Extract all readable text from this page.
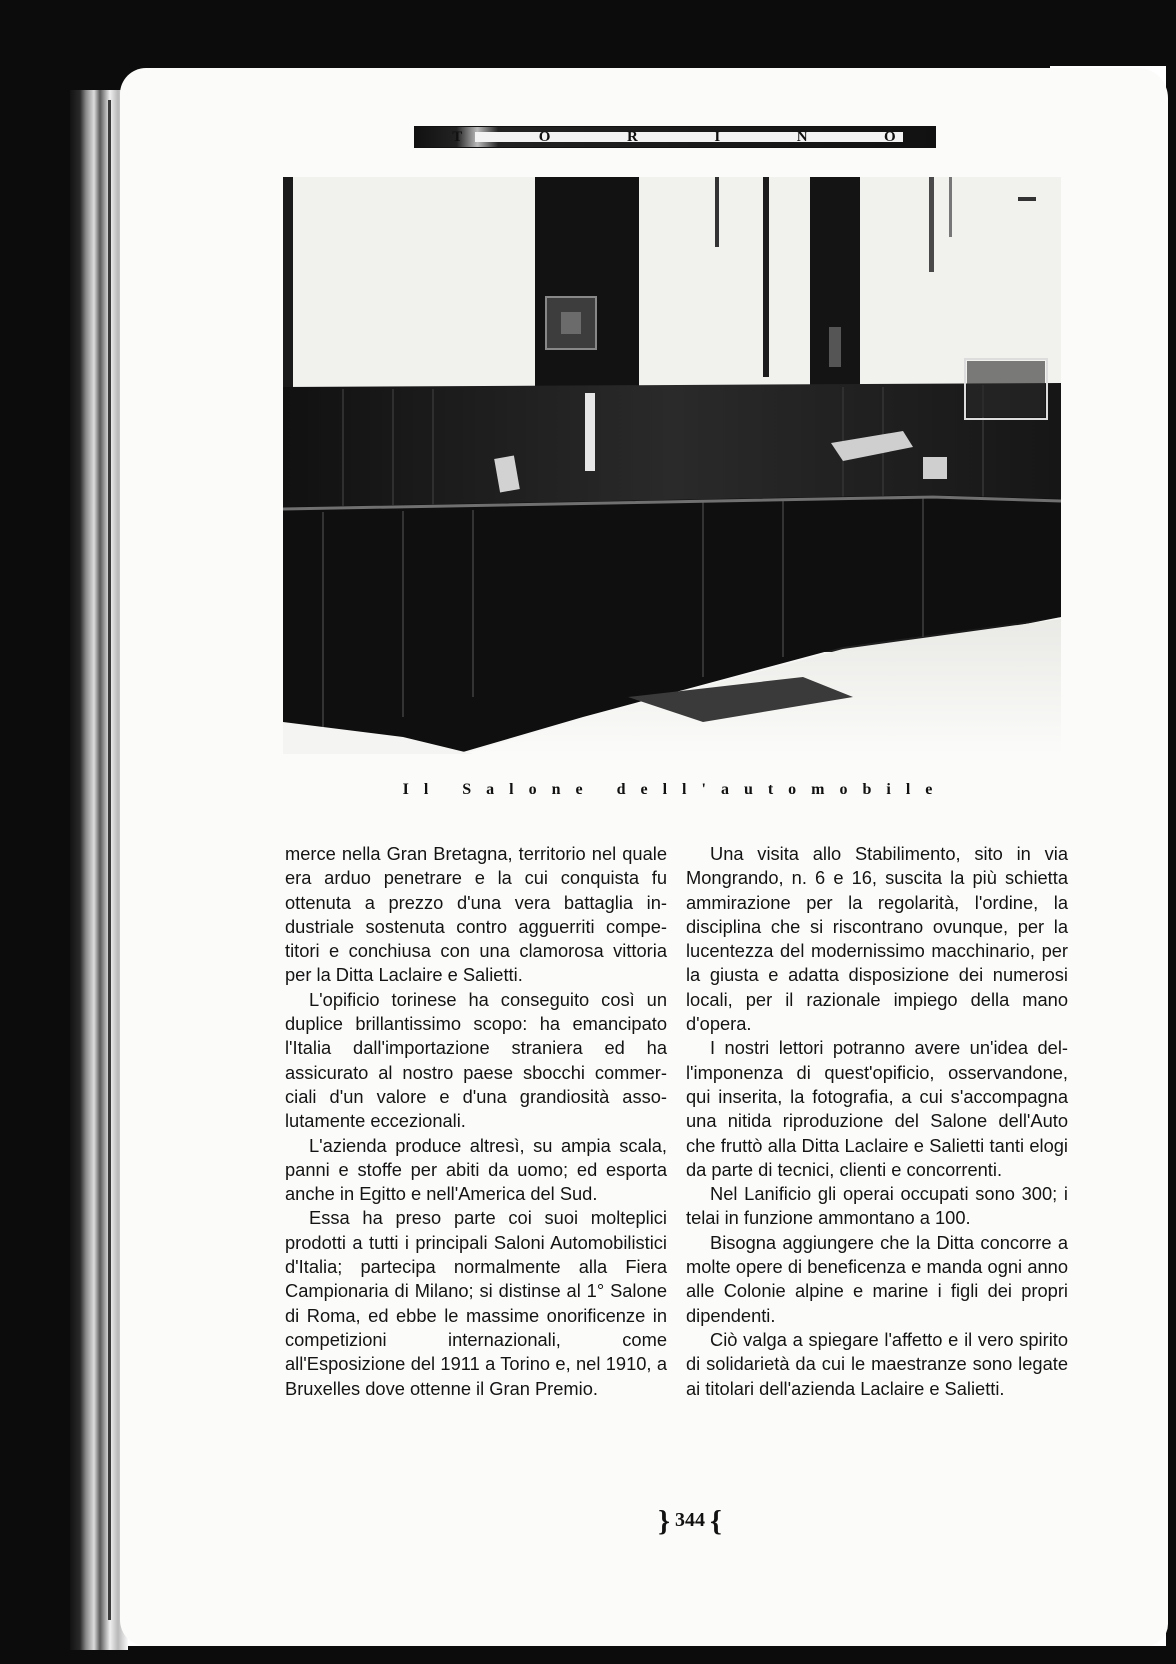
T	O	R	I	N	O
Il Salone dell'automobile

merce nella Gran Bretagna, territorio nel quale era arduo penetrare e la cui conquista fu ottenuta a prezzo d'una vera battaglia industriale sostenuta contro agguerriti competitori e conchiusa con una clamorosa vittoria per la Ditta Laclaire e Salietti.

L'opificio torinese ha conseguito così un duplice brillantissimo scopo: ha emancipato l'Italia dall'importazione straniera ed ha assicurato al nostro paese sbocchi commerciali d'un valore e d'una grandiosità assolutamente eccezionali.

L'azienda produce altresì, su ampia scala, panni e stoffe per abiti da uomo; ed esporta anche in Egitto e nell'America del Sud.

Essa ha preso parte coi suoi molteplici prodotti a tutti i principali Saloni Automobilistici d'Italia; partecipa normalmente alla Fiera Campionaria di Milano; si distinse al 1° Salone di Roma, ed ebbe le massime onorificenze in competizioni internazionali, come all'Esposizione del 1911 a Torino e, nel 1910, a Bruxelles dove ottenne il Gran Premio.

Una visita allo Stabilimento, sito in via Mongrando, n. 6 e 16, suscita la più schietta ammirazione per la regolarità, l'ordine, la disciplina che si riscontrano ovunque, per la lucentezza del modernissimo macchinario, per la giusta e adatta disposizione dei numerosi locali, per il razionale impiego della mano d'opera.

I nostri lettori potranno avere un'idea dell'imponenza di quest'opificio, osservandone, qui inserita, la fotografia, a cui s'accompagna una nitida riproduzione del Salone dell'Auto che fruttò alla Ditta Laclaire e Salietti tanti elogi da parte di tecnici, clienti e concorrenti.

Nel Lanificio gli operai occupati sono 300; i telai in funzione ammontano a 100.

Bisogna aggiungere che la Ditta concorre a molte opere di beneficenza e manda ogni anno alle Colonie alpine e marine i figli dei propri dipendenti.

Ciò valga a spiegare l'affetto e il vero spirito di solidarietà da cui le maestranze sono legate ai titolari dell'azienda Laclaire e Salietti.

} 344 {
